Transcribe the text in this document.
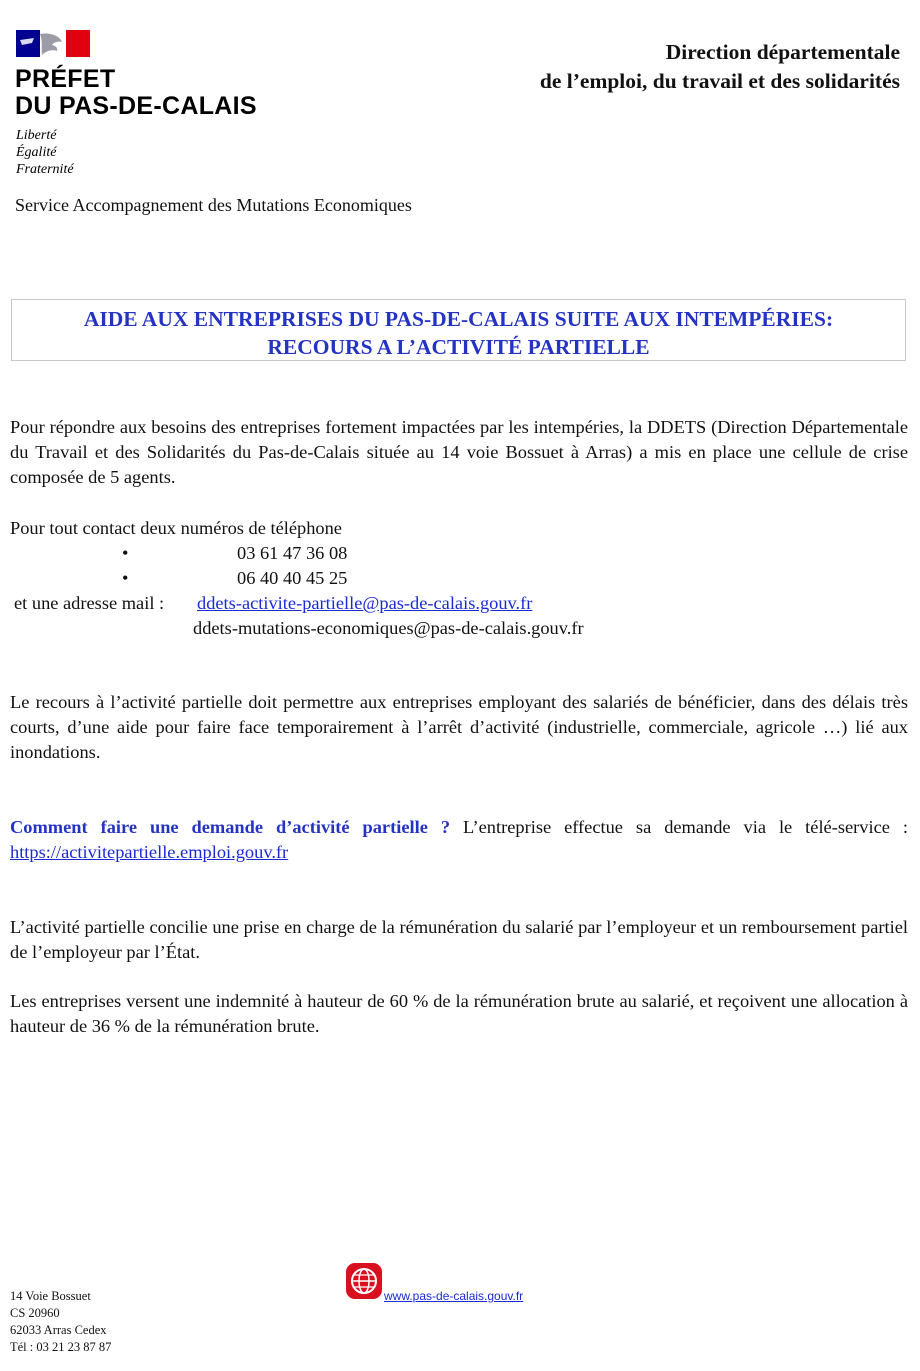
PRÉFET
DU PAS-DE-CALAIS
Liberté
Égalité
Fraternité
Service Accompagnement des Mutations Economiques
Direction départementale
de l’emploi, du travail et des solidarités
AIDE AUX ENTREPRISES DU PAS-DE-CALAIS SUITE AUX INTEMPÉRIES:
RECOURS A L’ACTIVITÉ PARTIELLE
Pour répondre aux besoins des entreprises fortement impactées par les intempéries, la DDETS (Direction Départementale du Travail et des Solidarités du Pas-de-Calais située au 14 voie Bossuet à Arras) a mis en place une cellule de crise composée de 5 agents.
Pour tout contact deux numéros de téléphone
•	03 61 47 36 08
•	06 40 40 45 25
et une adresse mail : ddets-activite-partielle@pas-de-calais.gouv.fr
ddets-mutations-economiques@pas-de-calais.gouv.fr
Le recours à l’activité partielle doit permettre aux entreprises employant des salariés de bénéficier, dans des délais très courts, d’une aide pour faire face temporairement à l’arrêt d’activité (industrielle, commerciale, agricole …) lié aux inondations.
Comment faire une demande d’activité partielle ? L’entreprise effectue sa demande via le télé-service : https://activitepartielle.emploi.gouv.fr
L’activité partielle concilie une prise en charge de la rémunération du salarié par l’employeur et un remboursement partiel de l’employeur par l’État.
Les entreprises versent une indemnité à hauteur de 60 % de la rémunération brute au salarié, et reçoivent une allocation à hauteur de 36 % de la rémunération brute.
14 Voie Bossuet
CS 20960
62033 Arras Cedex
Tél : 03 21 23 87 87
www.pas-de-calais.gouv.fr
